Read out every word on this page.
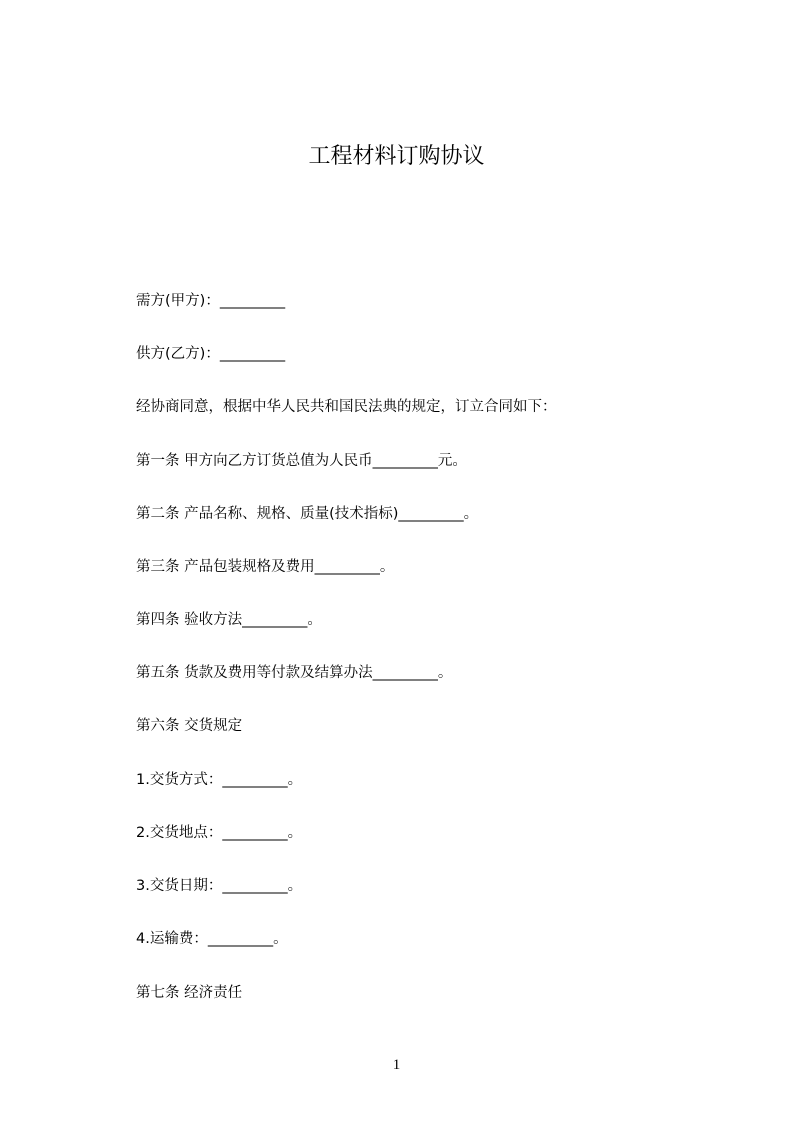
工程材料订购协议
需方(甲方)：_________
供方(乙方)：_________
经协商同意，根据中华人民共和国民法典的规定，订立合同如下：
第一条 甲方向乙方订货总值为人民币_________元。
第二条 产品名称、规格、质量(技术指标)_________。
第三条 产品包装规格及费用_________。
第四条 验收方法_________。
第五条 货款及费用等付款及结算办法_________。
第六条 交货规定
1.交货方式：_________。
2.交货地点：_________。
3.交货日期：_________。
4.运输费：_________。
第七条 经济责任
1
